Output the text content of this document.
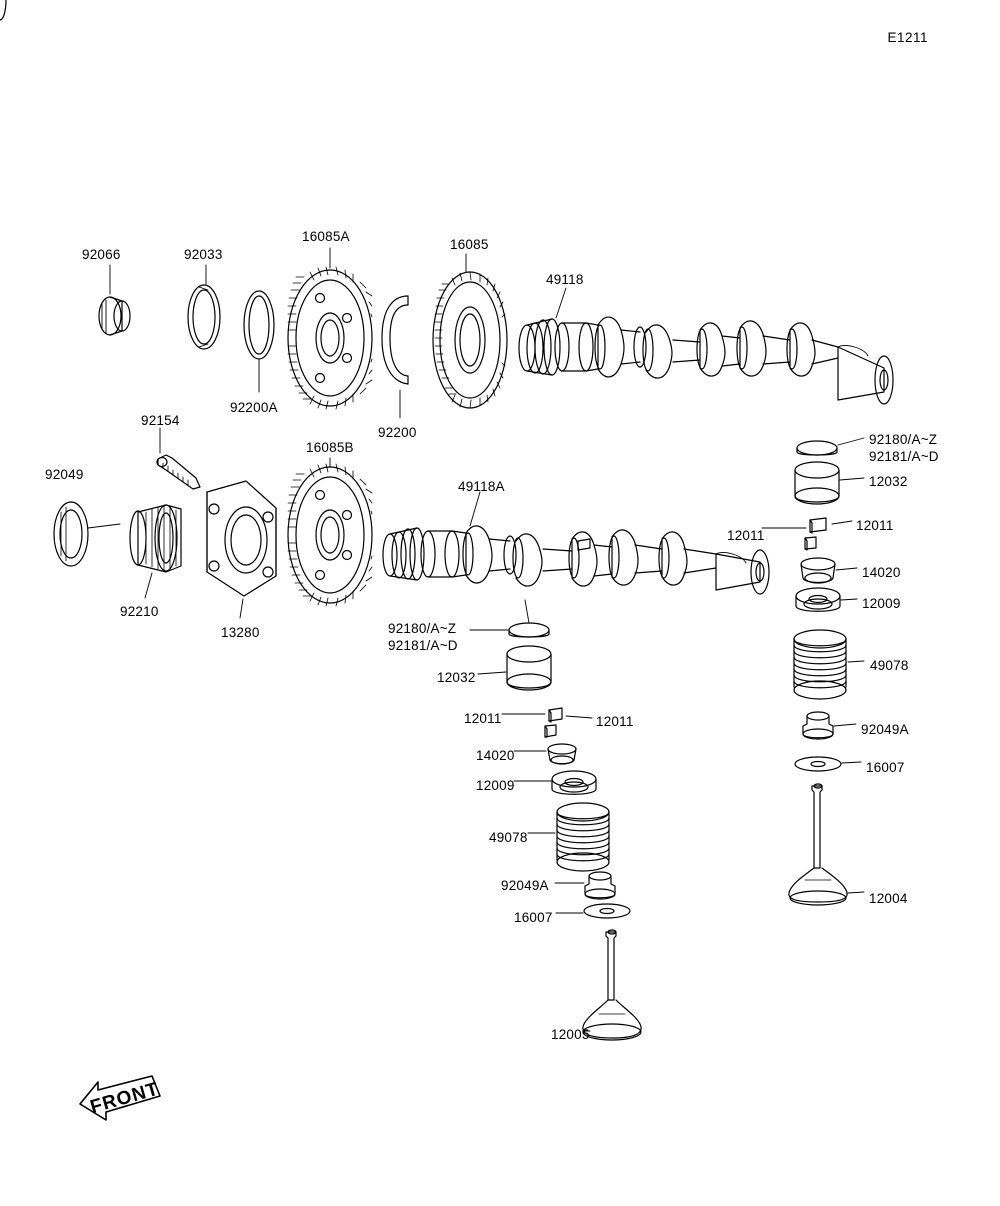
E1211
FRONT
92066	92033
16085A
16085
49118
92200A
92200
92154
92049
16085B
92210
13280
49118A
92180/A~Z
92181/A~D
12032
12011
12011
14020
12009
49078
92049A
16007
12004
92180/A~Z
92181/A~D
12032
12011	12011
14020
12009
49078
92049A
16007
12005
